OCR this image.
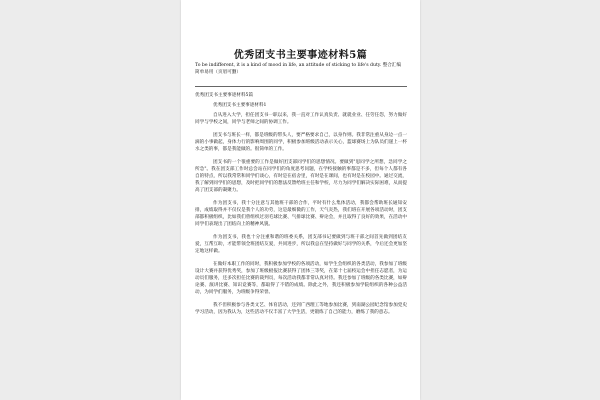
优秀团支书主要事迹材料5篇
To be indifferent, it is a kind of mood in life, an attitude of sticking to life's duty. 整合汇编　简单易用（页眉可删）
优秀团支书主要事迹材料5篇
优秀团支书主要事迹材料1

自从进入大学，担任团支书一职以来，我一直对工作认真负责、就就业业、任劳任怨，努力做好同学与学校之间，同学与老师之间的协调工作。

团支书与班长一样，都是班级的带头人，要严格要求自己，以身作则。我非常注重从身边一点一滴的小事做起，身体力行的影响周围的同学，积极参加班级活动表示关心，篮球赛场上为队员们递上一杯水之类的事，都是我能做的。很简单的工作。

团支书的一个很重要的工作是做好团支部同学们的思想情况。要做到"思同学之所想，急同学之所急"。我在团支部工作时总会站在同学们的角度思考问题，在学校接触的事都是不多，但每个人都有各自的特点，所以我常常和同学们谈心，有时是在宿舍里，有时是在课间，也有时是在校园中。通过交流，我了解到同学们的思想，及时把同学们的想法反馈给班主任和学校，尽力为同学们解决实际困难，从而提高了团支部的凝聚力。

作为团支书，我十分注意与其他班干部的合作，平时有什么集体活动，我都会帮助班长通知安排，成绩取得并不仅仅是我个人的功劳，这是最细微的工作，天气炎热，我们班在开展各项活动时，团支部都积极组织，比如我们曾组织过羽毛球比赛、气排球比赛、辩论会，并且取得了良好的效果，在活动中同学们表现出了团结向上的精神风貌。

作为团支书，我也十分注重和谐的班委关系，团支部书记要做到与班干部之间首先做到团结友爱，互帮互助，才能带领全班团结友爱，共同进步，所以我总在坚持做好与同学的关系，今后还会更加坚定地这样做。

在做好本职工作的同时，我积极参加学校的各项活动，如学生会组织的各类活动，我参加了班级设计大赛并获得优秀奖，参加了班级板报比赛获得了团体三等奖，在第十七届校运会中担任志愿者，为运动员们服务，还多次担任比赛的裁判员，每次活动我都非常认真对待。我还参加了班级的各类比赛，如辩论赛、演讲比赛、知识竞赛等，都取得了不错的成绩。除此之外，我还积极参加学院组织的各种公益活动，为同学们服务，为班级争得荣誉。

我不但积极参与各类文艺、体育活动，还到广西理工等地参加比赛，到南湖公园纪念馆参加党史学习活动，因为我认为，这些活动不仅丰富了大学生活，更锻炼了自己的能力，磨练了我的意志。
